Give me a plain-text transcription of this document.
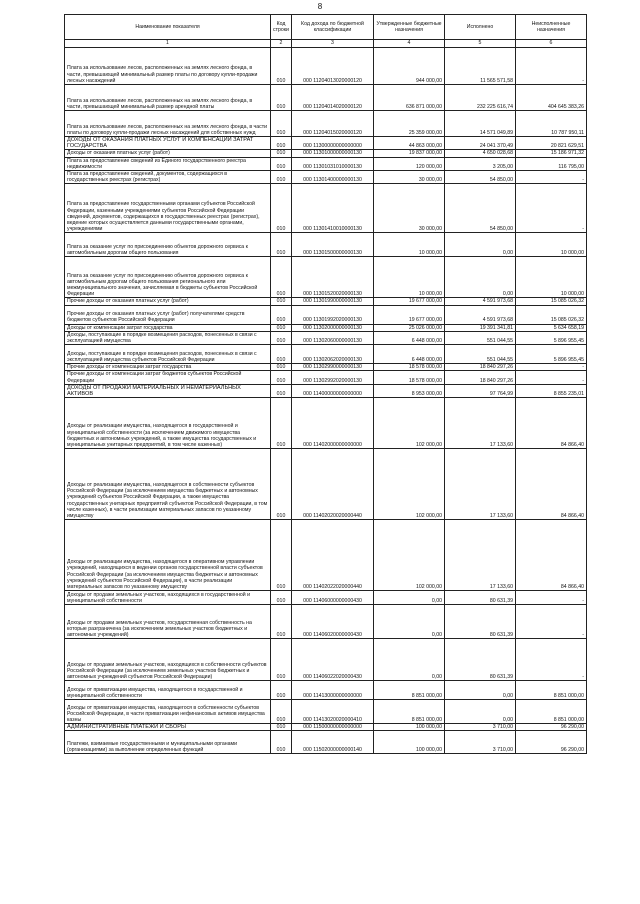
8
Наименование показателя	Код строки	Код дохода по бюджетной классификации	Утвержденные бюджетные назначения	Исполнено	Неисполненные назначения
1	2	3	4	5	6
Плата за использование лесов, расположенных на землях лесного фонда, в части, превышающей минимальный размер платы по договору купли-продажи лесных насаждений	010	000 11204013020000120	944 000,00	11 565 571,58	-
Плата за использование лесов, расположенных на землях лесного фонда, в части, превышающей минимальный размер арендной платы	010	000 11204014020000120	636 871 000,00	232 225 616,74	404 645 383,26
Плата за использование лесов, расположенных на землях лесного фонда, в части платы по договору купли-продажи лесных насаждений для собственных нужд	010	000 11204015020000120	25 359 000,00	14 571 049,89	10 787 950,11
ДОХОДЫ ОТ ОКАЗАНИЯ ПЛАТНЫХ УСЛУГ И КОМПЕНСАЦИИ ЗАТРАТ ГОСУДАРСТВА	010	000 11300000000000000	44 863 000,00	24 041 370,49	20 821 629,51
Доходы от оказания платных услуг (работ)	010	000 11301000000000130	19 837 000,00	4 650 028,68	15 186 971,32
Плата за предоставление сведений из Единого государственного реестра недвижимости	010	000 11301031010000130	120 000,00	3 205,00	116 795,00
Плата за предоставление сведений, документов, содержащихся в государственных реестрах (регистрах)	010	000 11301400000000130	30 000,00	54 850,00	-
Плата за предоставление государственными органами субъектов Российской Федерации, казенными учреждениями субъектов Российской Федерации сведений, документов, содержащихся в государственных реестрах (регистрах), ведение которых осуществляется данными государственными органами, учреждениями	010	000 11301410010000130	30 000,00	54 850,00	-
Плата за оказание услуг по присоединению объектов дорожного сервиса к автомобильным дорогам общего пользования	010	000 11301500000000130	10 000,00	0,00	10 000,00
Плата за оказание услуг по присоединению объектов дорожного сервиса к автомобильным дорогам общего пользования регионального или межмуниципального значения, зачисляемая в бюджеты субъектов Российской Федерации	010	000 11301520020000130	10 000,00	0,00	10 000,00
Прочие доходы от оказания платных услуг (работ)	010	000 11301990000000130	19 677 000,00	4 591 973,68	15 085 026,32
Прочие доходы от оказания платных услуг (работ) получателями средств бюджетов субъектов Российской Федерации	010	000 11301992020000130	19 677 000,00	4 591 973,68	15 085 026,32
Доходы от компенсации затрат государства	010	000 11302000000000130	25 026 000,00	19 391 341,81	5 634 658,19
Доходы, поступающие в порядке возмещения расходов, понесенных в связи с эксплуатацией имущества	010	000 11302060000000130	6 448 000,00	551 044,55	5 896 955,45
Доходы, поступающие в порядке возмещения расходов, понесенных в связи с эксплуатацией имущества субъектов Российской Федерации	010	000 11302062020000130	6 448 000,00	551 044,55	5 896 955,45
Прочие доходы от компенсации затрат государства	010	000 11302990000000130	18 578 000,00	18 840 297,26	-
Прочие доходы от компенсации затрат бюджетов субъектов Российской Федерации	010	000 11302992020000130	18 578 000,00	18 840 297,26	-
ДОХОДЫ ОТ ПРОДАЖИ МАТЕРИАЛЬНЫХ И НЕМАТЕРИАЛЬНЫХ АКТИВОВ	010	000 11400000000000000	8 953 000,00	97 764,99	8 855 235,01
Доходы от реализации имущества, находящегося в государственной и муниципальной собственности (за исключением движимого имущества бюджетных и автономных учреждений, а также имущества государственных и муниципальных унитарных предприятий, в том числе казенных)	010	000 11402000000000000	102 000,00	17 133,60	84 866,40
Доходы от реализации имущества, находящегося в собственности субъектов Российской Федерации (за исключением имущества бюджетных и автономных учреждений субъектов Российской Федерации, а также имущества государственных унитарных предприятий субъектов Российской Федерации, в том числе казенных), в части реализации материальных запасов по указанному имуществу	010	000 11402020020000440	102 000,00	17 133,60	84 866,40
Доходы от реализации имущества, находящегося в оперативном управлении учреждений, находящихся в ведении органов государственной власти субъектов Российской Федерации (за исключением имущества бюджетных и автономных учреждений субъектов Российской Федерации), в части реализации материальных запасов по указанному имуществу	010	000 11402022020000440	102 000,00	17 133,60	84 866,40
Доходы от продажи земельных участков, находящихся в государственной и муниципальной собственности	010	000 11406000000000430	0,00	80 631,39	-
Доходы от продажи земельных участков, государственная собственность на которые разграничена (за исключением земельных участков бюджетных и автономных учреждений)	010	000 11406020000000430	0,00	80 631,39	-
Доходы от продажи земельных участков, находящихся в собственности субъектов Российской Федерации (за исключением земельных участков бюджетных и автономных учреждений субъектов Российской Федерации)	010	000 11406022020000430	0,00	80 631,39	-
Доходы от приватизации имущества, находящегося в государственной и муниципальной собственности	010	000 11413000000000000	8 851 000,00	0,00	8 851 000,00
Доходы от приватизации имущества, находящегося в собственности субъектов Российской Федерации, в части приватизации нефинансовых активов имущества казны	010	000 11413020020000410	8 851 000,00	0,00	8 851 000,00
АДМИНИСТРАТИВНЫЕ ПЛАТЕЖИ И СБОРЫ	010	000 11500000000000000	100 000,00	3 710,00	96 290,00
Платежи, взимаемые государственными и муниципальными органами (организациями) за выполнение определенных функций	010	000 11502000000000140	100 000,00	3 710,00	96 290,00
